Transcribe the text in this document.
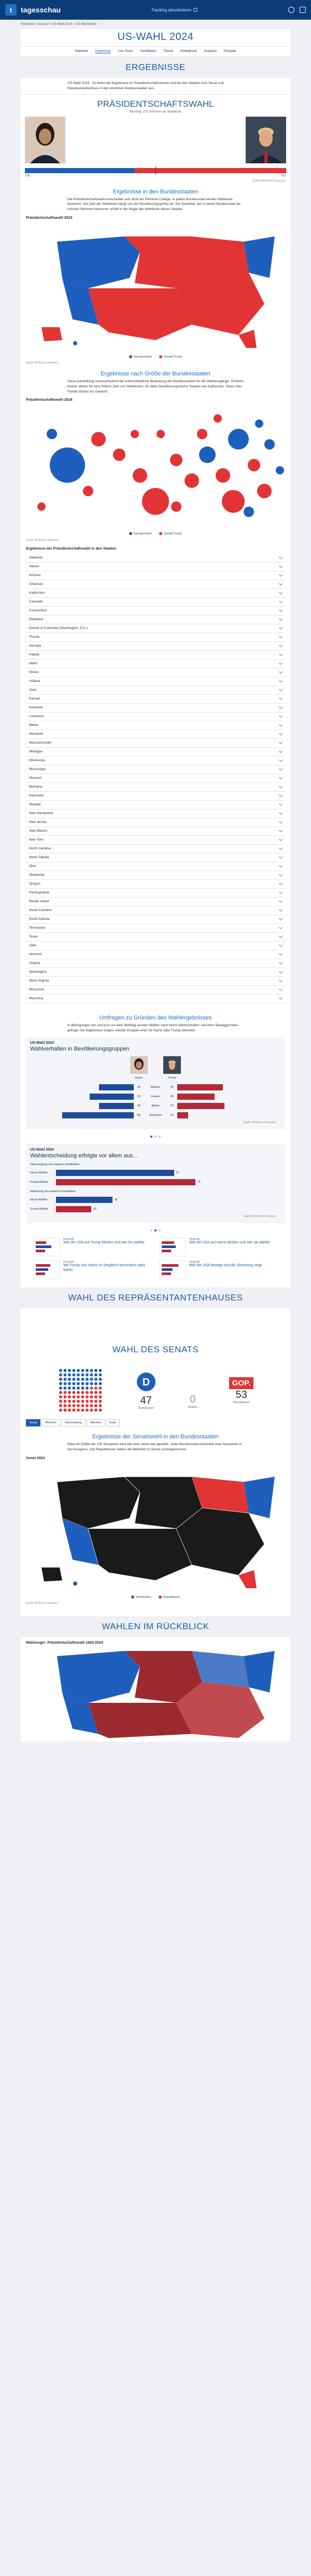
t	tagesschau	Tracking aktualisieren
Startseite > Ausland > US-Wahl 2024 > US-Wahlkarten
US-WAHL 2024
Startseite Ergebnisse Live-Ticker Kandidaten Thema Hintergrund Analysen Kompakt
ERGEBNISSE
US-Wahl 2024 - So fielen die Ergebnisse im Präsidentschaftsrennen und bei den Wahlen zum Senat und Repräsentantenhaus in den einzelnen Bundesstaaten aus.
PRÄSIDENTSCHAFTSWAHL
Benötigt: 270 Stimmen der Wahlleute
226	312
Quelle: AP/Edison Research
Ergebnisse in den Bundesstaaten
Die Präsidentschaftswahl entscheidet sich nicht am Electoral College: In jedem Bundesstaat werden Wahlleute bestimmt. Die Zahl der Wahlleute hängt von der Bevölkerungsgröße ab. Der Kandidat, der in einem Bundesstaat die meisten Stimmen bekommt, erhält in der Regel alle Wahlleute dieses Staates.
Präsidentschaftswahl 2024
Kamala Harris	Donald Trump
Quelle: AP/Edison Research
Ergebnisse nach Größe der Bundesstaaten
Diese Darstellung veranschaulicht die unterschiedliche Bedeutung der Bundesstaaten für die Wahlausgänge. Größere Kreise stehen für eine höhere Zahl von Wahlleuten. So fallen bevölkerungsreiche Staaten wie Kalifornien, Texas oder Florida stärker ins Gewicht.
Präsidentschaftswahl 2024
Kamala Harris	Donald Trump
Quelle: AP/Edison Research
Ergebnisse der Präsidentschaftswahl in den Staaten
Alabama
Alaska
Arizona
Arkansas
Kalifornien
Colorado
Connecticut
Delaware
District of Columbia (Washington, D.C.)
Florida
Georgia
Hawaii
Idaho
Illinois
Indiana
Iowa
Kansas
Kentucky
Louisiana
Maine
Maryland
Massachusetts
Michigan
Minnesota
Mississippi
Missouri
Montana
Nebraska
Nevada
New Hampshire
New Jersey
New Mexico
New York
North Carolina
North Dakota
Ohio
Oklahoma
Oregon
Pennsylvania
Rhode Island
South Carolina
South Dakota
Tennessee
Texas
Utah
Vermont
Virginia
Washington
West Virginia
Wisconsin
Wyoming
Umfragen zu Gründen des Wahlergebnisses
In Befragungen am und kurz vor dem Wahltag wurden Wähler nach ihrem Wahlverhalten und ihren Beweggründen gefragt. Die Ergebnisse zeigen, welche Gruppen eher für Harris oder Trump stimmten.
US-Wahl 2024
Wahlverhalten in Bevölkerungsgruppen
Harris	Trump
42	Männer	55
53	Frauen	45
42	Weiße	57
86	Schwarze	13
Quelle: AP/Edison Research
US-Wahl 2024
Wahlentscheidung erfolgte vor allem aus...
Überzeugung vom eigenen Kandidaten
Harris-Wähler	67
Trump-Wähler	79
Ablehnung des anderen Kandidaten
Harris-Wähler	32
Trump-Wähler	20
Quelle: AP/Edison Research
Infografik
Wie die USA auf Trump blicken und wer ihn wählte
Infografik
Wie die USA auf Harris blicken und wer sie wählte
Infografik
Wo Trump und Harris im Vergleich besonders stark waren
Infografik
Wie die USA bewegt sind die Stimmung zeigt
WAHL DES REPRÄSENTANTENHAUSES
WAHL DES SENATS
D
47
Demokraten
0
Andere
GOP.
53
Republikaner
Senat	Mehrheit	Sitzverteilung	Wechsel	Karte
Ergebnisse der Senatswahl in den Bundesstaaten
Etwa ein Drittel der 100 Senatoren wird alle zwei Jahre neu gewählt. Jeder Bundesstaat entsendet zwei Senatoren in den Kongress. Die Republikaner haben die Mehrheit im Senat zurückgewonnen.
Senat 2024
Demokraten	Republikaner
Quelle: AP/Edison Research
WAHLEN IM RÜCKBLICK
Wahlsieger: Präsidentschaftswahl 1992-2024
